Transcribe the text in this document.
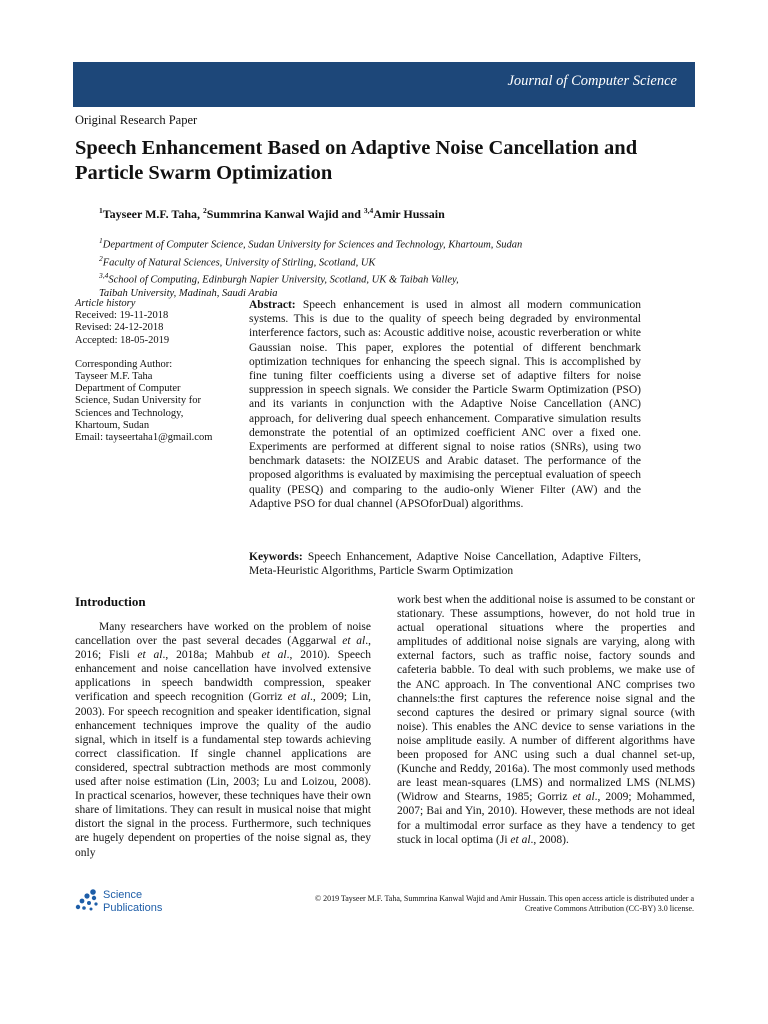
Journal of Computer Science
Original Research Paper
Speech Enhancement Based on Adaptive Noise Cancellation and Particle Swarm Optimization
$^1$Tayseer M.F. Taha, $^2$Summrina Kanwal Wajid and $^{3,4}$Amir Hussain
$^1$Department of Computer Science, Sudan University for Sciences and Technology, Khartoum, Sudan
$^2$Faculty of Natural Sciences, University of Stirling, Scotland, UK
$^{3,4}$School of Computing, Edinburgh Napier University, Scotland, UK & Taibah Valley,
Taibah University, Madinah, Saudi Arabia
Article history
Received: 19-11-2018
Revised: 24-12-2018
Accepted: 18-05-2019
Corresponding Author:
Tayseer M.F. Taha
Department of Computer
Science, Sudan University for
Sciences and Technology,
Khartoum, Sudan
Email: tayseertaha1@gmail.com
Abstract: Speech enhancement is used in almost all modern communication systems. This is due to the quality of speech being degraded by environmental interference factors, such as: Acoustic additive noise, acoustic reverberation or white Gaussian noise. This paper, explores the potential of different benchmark optimization techniques for enhancing the speech signal. This is accomplished by fine tuning filter coefficients using a diverse set of adaptive filters for noise suppression in speech signals. We consider the Particle Swarm Optimization (PSO) and its variants in conjunction with the Adaptive Noise Cancellation (ANC) approach, for delivering dual speech enhancement. Comparative simulation results demonstrate the potential of an optimized coefficient ANC over a fixed one. Experiments are performed at different signal to noise ratios (SNRs), using two benchmark datasets: the NOIZEUS and Arabic dataset. The performance of the proposed algorithms is evaluated by maximising the perceptual evaluation of speech quality (PESQ) and comparing to the audio-only Wiener Filter (AW) and the Adaptive PSO for dual channel (APSOforDual) algorithms.
Keywords: Speech Enhancement, Adaptive Noise Cancellation, Adaptive Filters, Meta-Heuristic Algorithms, Particle Swarm Optimization
Introduction

Many researchers have worked on the problem of noise cancellation over the past several decades (Aggarwal et al., 2016; Fisli et al., 2018a; Mahbub et al., 2010). Speech enhancement and noise cancellation have involved extensive applications in speech bandwidth compression, speaker verification and speech recognition (Gorriz et al., 2009; Lin, 2003). For speech recognition and speaker identification, signal enhancement techniques improve the quality of the audio signal, which in itself is a fundamental step towards achieving correct classification. If single channel applications are considered, spectral subtraction methods are most commonly used after noise estimation (Lin, 2003; Lu and Loizou, 2008). In practical scenarios, however, these techniques have their own share of limitations. They can result in musical noise that might distort the signal in the process. Furthermore, such techniques are hugely dependent on properties of the noise signal as, they only

work best when the additional noise is assumed to be constant or stationary. These assumptions, however, do not hold true in actual operational situations where the properties and amplitudes of additional noise signals are varying, along with external factors, such as traffic noise, factory sounds and cafeteria babble. To deal with such problems, we make use of the ANC approach. In The conventional ANC comprises two channels:the first captures the reference noise signal and the second captures the desired or primary signal source (with noise). This enables the ANC device to sense variations in the noise amplitude easily. A number of different algorithms have been proposed for ANC using such a dual channel set-up, (Kunche and Reddy, 2016a). The most commonly used methods are least mean-squares (LMS) and normalized LMS (NLMS) (Widrow and Stearns, 1985; Gorriz et al., 2009; Mohammed, 2007; Bai and Yin, 2010). However, these methods are not ideal for a multimodal error surface as they have a tendency to get stuck in local optima (Ji et al., 2008).

Science
Publications
© 2019 Tayseer M.F. Taha, Summrina Kanwal Wajid and Amir Hussain. This open access article is distributed under a
Creative Commons Attribution (CC-BY) 3.0 license.
